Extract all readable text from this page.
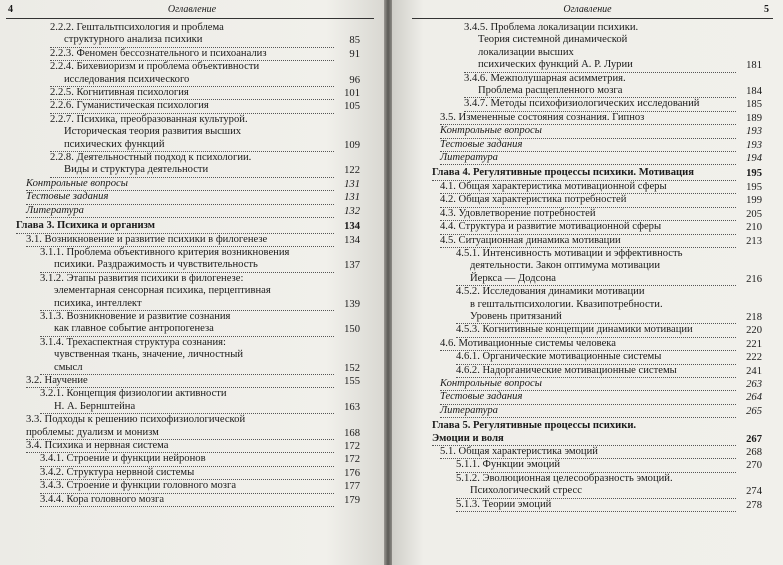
4	Оглавление
2.2.2. Гештальтпсихология и проблема
структурного анализа психики	85
2.2.3. Феномен бессознательного и психоанализ	91
2.2.4. Бихевиоризм и проблема объективности
исследования психического	96
2.2.5. Когнитивная психология	101
2.2.6. Гуманистическая психология	105
2.2.7. Психика, преобразованная культурой.
Историческая теория развития высших
психических функций	109
2.2.8. Деятельностный подход к психологии.
Виды и структура деятельности	122
Контрольные вопросы	131
Тестовые задания	131
Литература	132
Глава 3. Психика и организм	134
3.1. Возникновение и развитие психики в филогенезе	134
3.1.1. Проблема объективного критерия возникновения
психики. Раздражимость и чувствительность	137
3.1.2. Этапы развития психики в филогенезе:
элементарная сенсорная психика, перцептивная
психика, интеллект	139
3.1.3. Возникновение и развитие сознания
как главное событие антропогенеза	150
3.1.4. Трехаспектная структура сознания:
чувственная ткань, значение, личностный
смысл	152
3.2. Научение	155
3.2.1. Концепция физиологии активности
Н. А. Бернштейна	163
3.3. Подходы к решению психофизиологической
проблемы: дуализм и монизм	168
3.4. Психика и нервная система	172
3.4.1. Строение и функции нейронов	172
3.4.2. Структура нервной системы	176
3.4.3. Строение и функции головного мозга	177
3.4.4. Кора головного мозга	179
Оглавление	5
3.4.5. Проблема локализации психики.
Теория системной динамической
локализации высших
психических функций А. Р. Лурии	181
3.4.6. Межполушарная асимметрия.
Проблема расщепленного мозга	184
3.4.7. Методы психофизиологических исследований	185
3.5. Измененные состояния сознания. Гипноз	189
Контрольные вопросы	193
Тестовые задания	193
Литература	194
Глава 4. Регулятивные процессы психики. Мотивация	195
4.1. Общая характеристика мотивационной сферы	195
4.2. Общая характеристика потребностей	199
4.3. Удовлетворение потребностей	205
4.4. Структура и развитие мотивационной сферы	210
4.5. Ситуационная динамика мотивации	213
4.5.1. Интенсивность мотивации и эффективность
деятельности. Закон оптимума мотивации
Йеркса — Додсона	216
4.5.2. Исследования динамики мотивации
в гештальтпсихологии. Квазипотребности.
Уровень притязаний	218
4.5.3. Когнитивные концепции динамики мотивации	220
4.6. Мотивационные системы человека	221
4.6.1. Органические мотивационные системы	222
4.6.2. Надорганические мотивационные системы	241
Контрольные вопросы	263
Тестовые задания	264
Литература	265
Глава 5. Регулятивные процессы психики.
Эмоции и воля	267
5.1. Общая характеристика эмоций	268
5.1.1. Функции эмоций	270
5.1.2. Эволюционная целесообразность эмоций.
Психологический стресс	274
5.1.3. Теории эмоций	278
